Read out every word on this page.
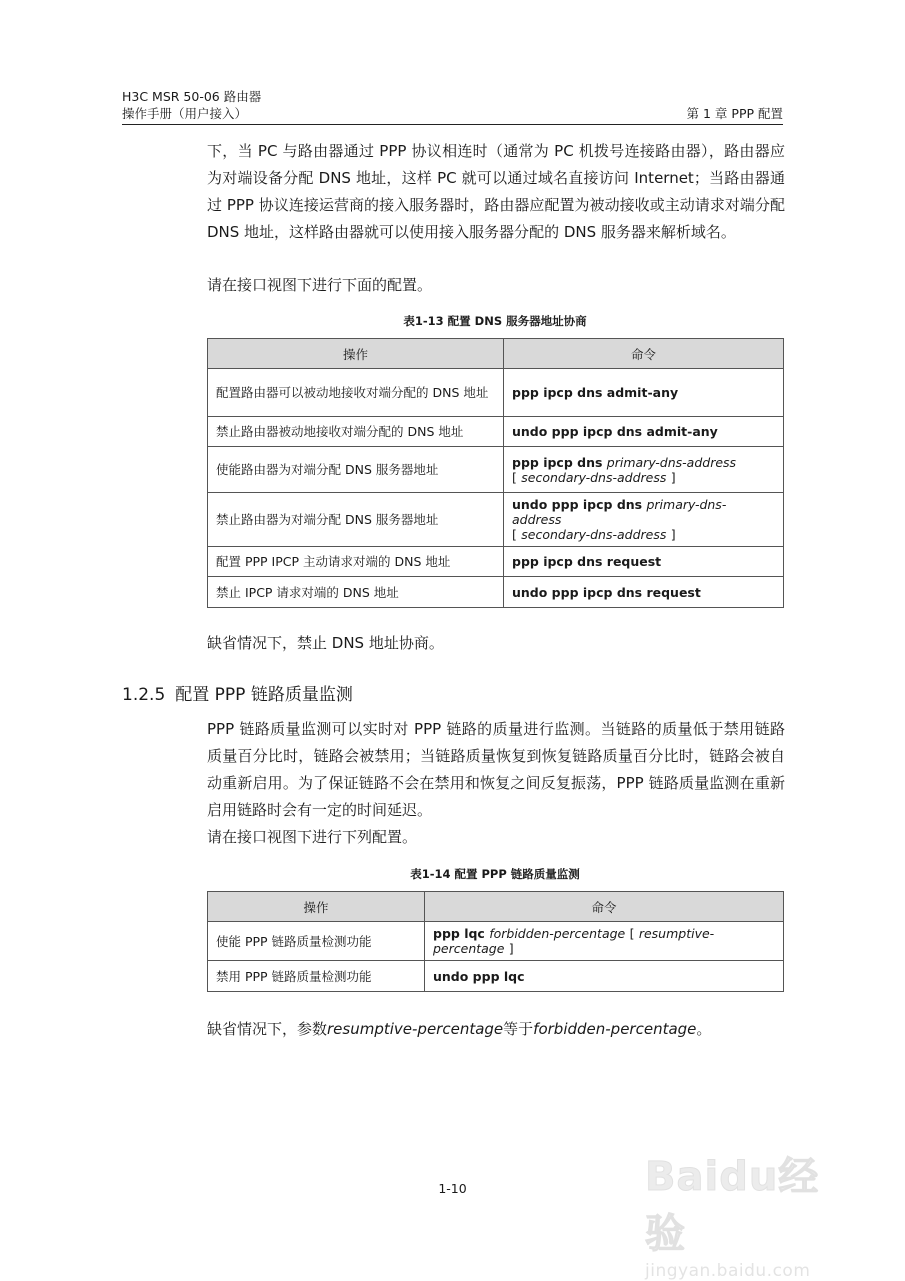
H3C MSR 50-06 路由器
操作手册（用户接入）	第 1 章 PPP 配置

下，当 PC 与路由器通过 PPP 协议相连时（通常为 PC 机拨号连接路由器），路由器应为对端设备分配 DNS 地址，这样 PC 就可以通过域名直接访问 Internet；当路由器通过 PPP 协议连接运营商的接入服务器时，路由器应配置为被动接收或主动请求对端分配 DNS 地址，这样路由器就可以使用接入服务器分配的 DNS 服务器来解析域名。

请在接口视图下进行下面的配置。

表1-13 配置 DNS 服务器地址协商
操作	命令
配置路由器可以被动地接收对端分配的 DNS 地址	ppp ipcp dns admit-any
禁止路由器被动地接收对端分配的 DNS 地址	undo ppp ipcp dns admit-any
使能路由器为对端分配 DNS 服务器地址	ppp ipcp dns primary-dns-address
[ secondary-dns-address ]
禁止路由器为对端分配 DNS 服务器地址	undo ppp ipcp dns primary-dns-address
[ secondary-dns-address ]
配置 PPP IPCP 主动请求对端的 DNS 地址	ppp ipcp dns request
禁止 IPCP 请求对端的 DNS 地址	undo ppp ipcp dns request

缺省情况下，禁止 DNS 地址协商。

1.2.5 配置 PPP 链路质量监测

PPP 链路质量监测可以实时对 PPP 链路的质量进行监测。当链路的质量低于禁用链路质量百分比时，链路会被禁用；当链路质量恢复到恢复链路质量百分比时，链路会被自动重新启用。为了保证链路不会在禁用和恢复之间反复振荡，PPP 链路质量监测在重新启用链路时会有一定的时间延迟。

请在接口视图下进行下列配置。

表1-14 配置 PPP 链路质量监测
操作	命令
使能 PPP 链路质量检测功能	ppp lqc forbidden-percentage [ resumptive-percentage ]
禁用 PPP 链路质量检测功能	undo ppp lqc

缺省情况下，参数resumptive-percentage等于forbidden-percentage。

1-10	Baidu经验
jingyan.baidu.com
